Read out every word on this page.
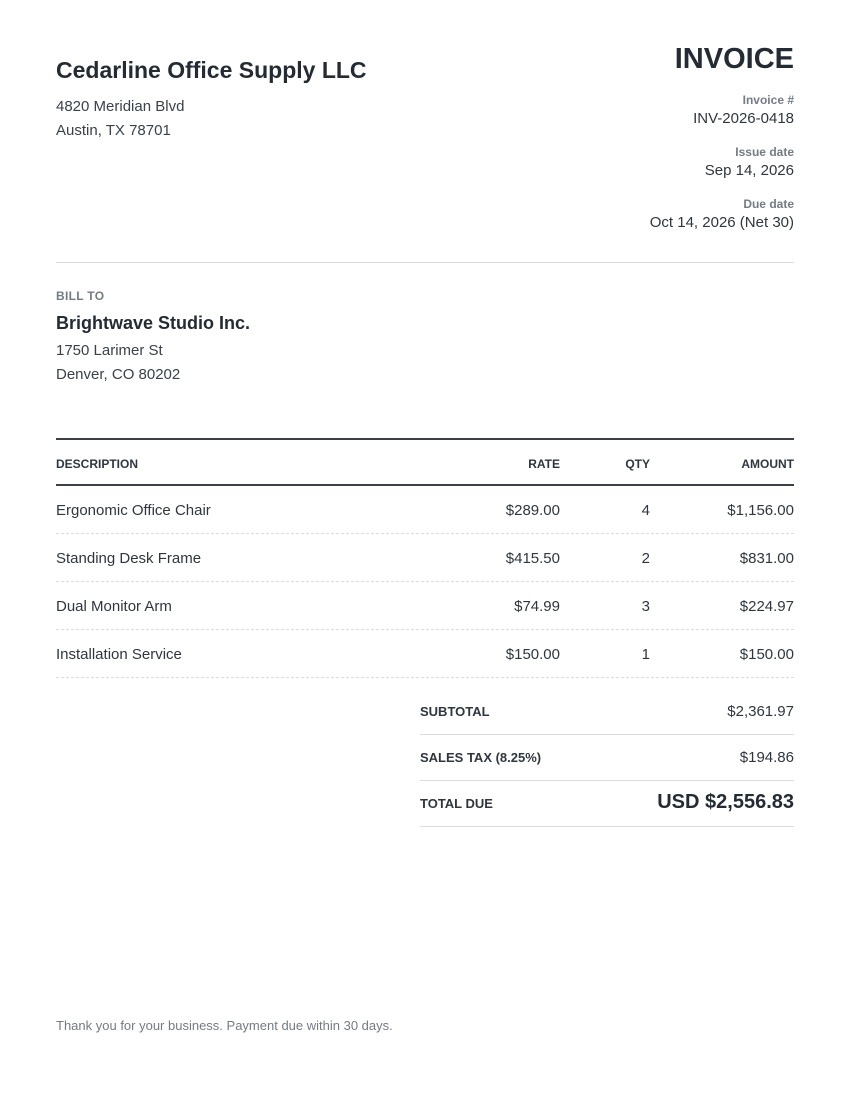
Cedarline Office Supply LLC
4820 Meridian Blvd
Austin, TX 78701
INVOICE
Invoice #
INV-2026-0418
Issue date
Sep 14, 2026
Due date
Oct 14, 2026 (Net 30)
BILL TO
Brightwave Studio Inc.
1750 Larimer St
Denver, CO 80202
DESCRIPTION	RATE	QTY	AMOUNT
Ergonomic Office Chair	$289.00	4	$1,156.00
Standing Desk Frame	$415.50	2	$831.00
Dual Monitor Arm	$74.99	3	$224.97
Installation Service	$150.00	1	$150.00
SUBTOTAL	$2,361.97
SALES TAX (8.25%)	$194.86
TOTAL DUE	USD $2,556.83
Thank you for your business. Payment due within 30 days.
